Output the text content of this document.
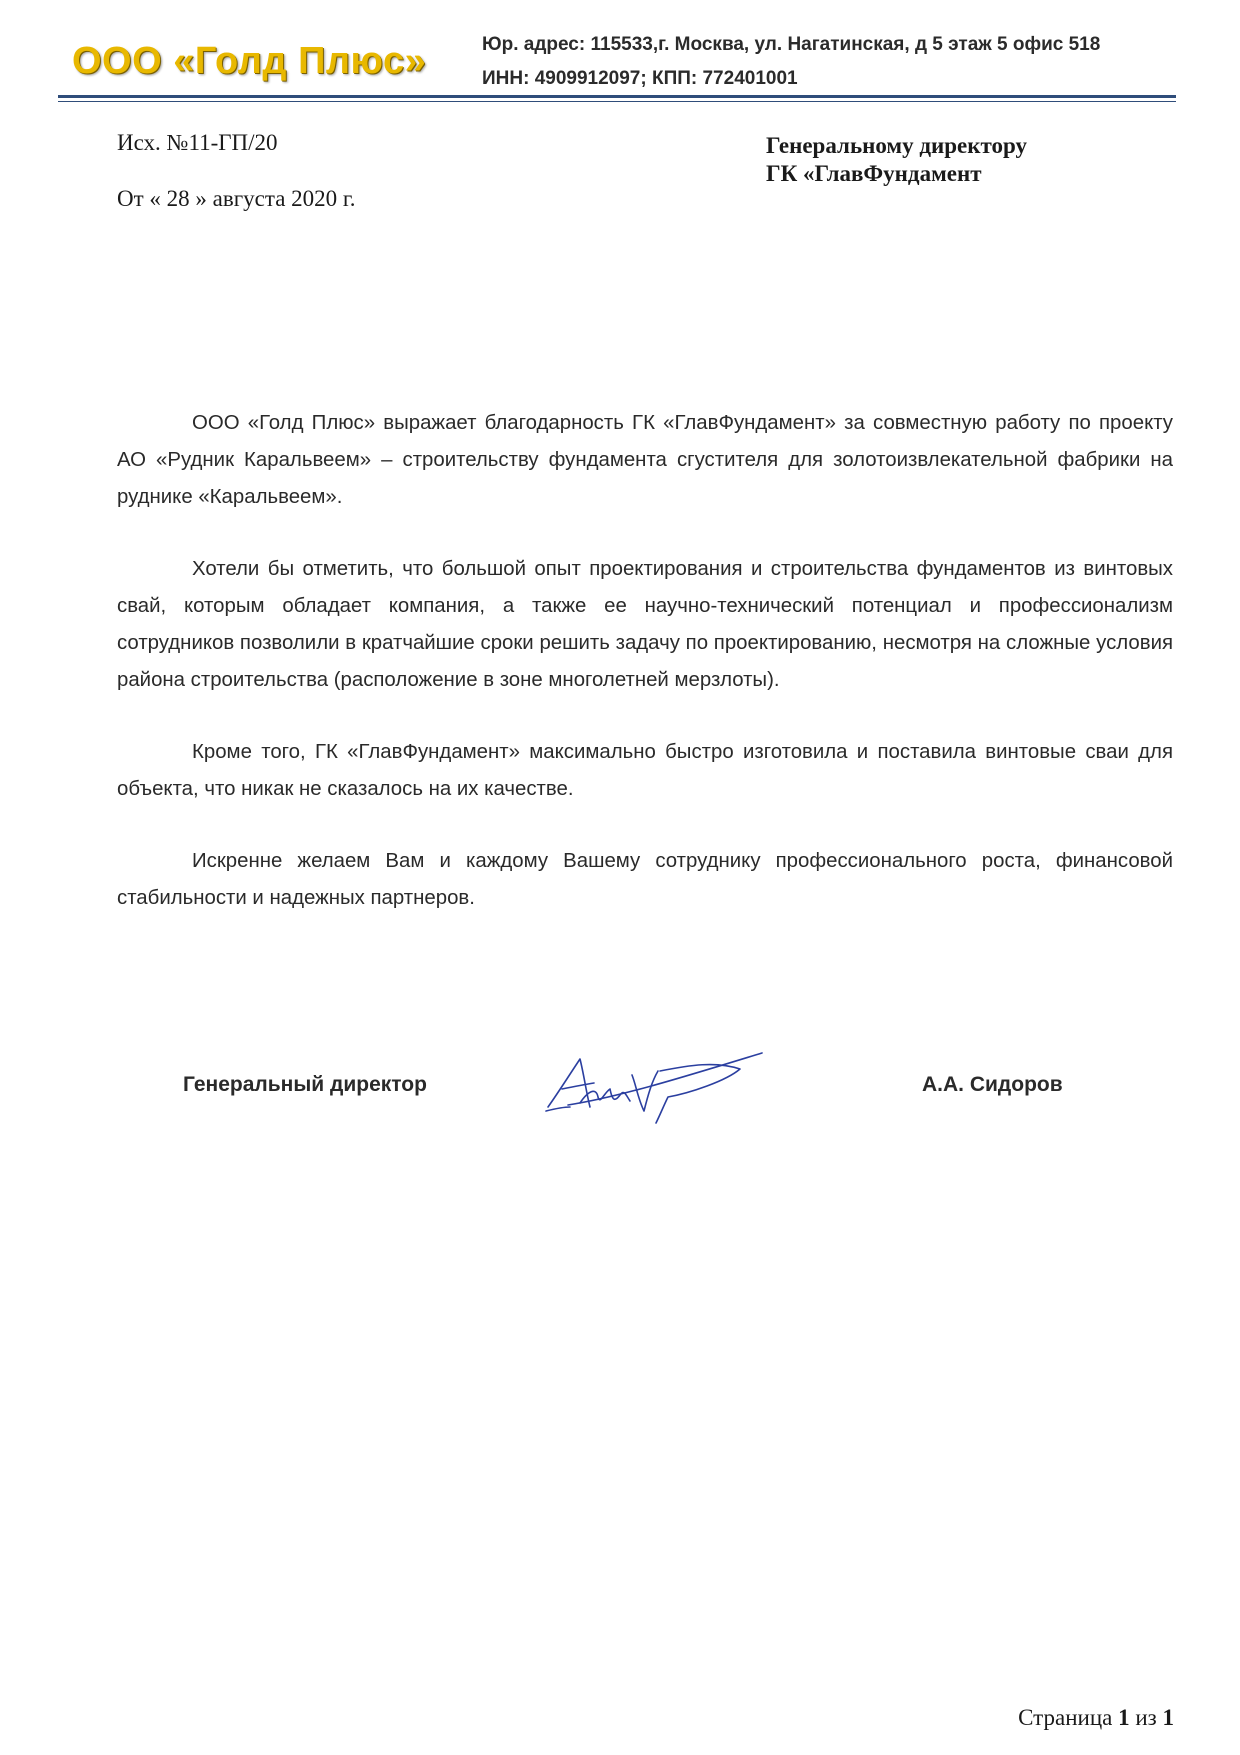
ООО «Голд Плюс»	Юр. адрес: 115533,г. Москва, ул. Нагатинская, д 5 этаж 5 офис 518
ИНН: 4909912097; КПП: 772401001
Исх. №11-ГП/20
От « 28 » августа 2020 г.
Генеральному директору
ГК «ГлавФундамент

ООО «Голд Плюс» выражает благодарность ГК «ГлавФундамент» за совместную работу по проекту АО «Рудник Каральвеем» – строительству фундамента сгустителя для золотоизвлекательной фабрики на руднике «Каральвеем».

Хотели бы отметить, что большой опыт проектирования и строительства фундаментов из винтовых свай, которым обладает компания, а также ее научно-технический потенциал и профессионализм сотрудников позволили в кратчайшие сроки решить задачу по проектированию, несмотря на сложные условия района строительства (расположение в зоне многолетней мерзлоты).

Кроме того, ГК «ГлавФундамент» максимально быстро изготовила и поставила винтовые сваи для объекта, что никак не сказалось на их качестве.

Искренне желаем Вам и каждому Вашему сотруднику профессионального роста, финансовой стабильности и надежных партнеров.

Генеральный директор	А.А. Сидоров
Страница 1 из 1
